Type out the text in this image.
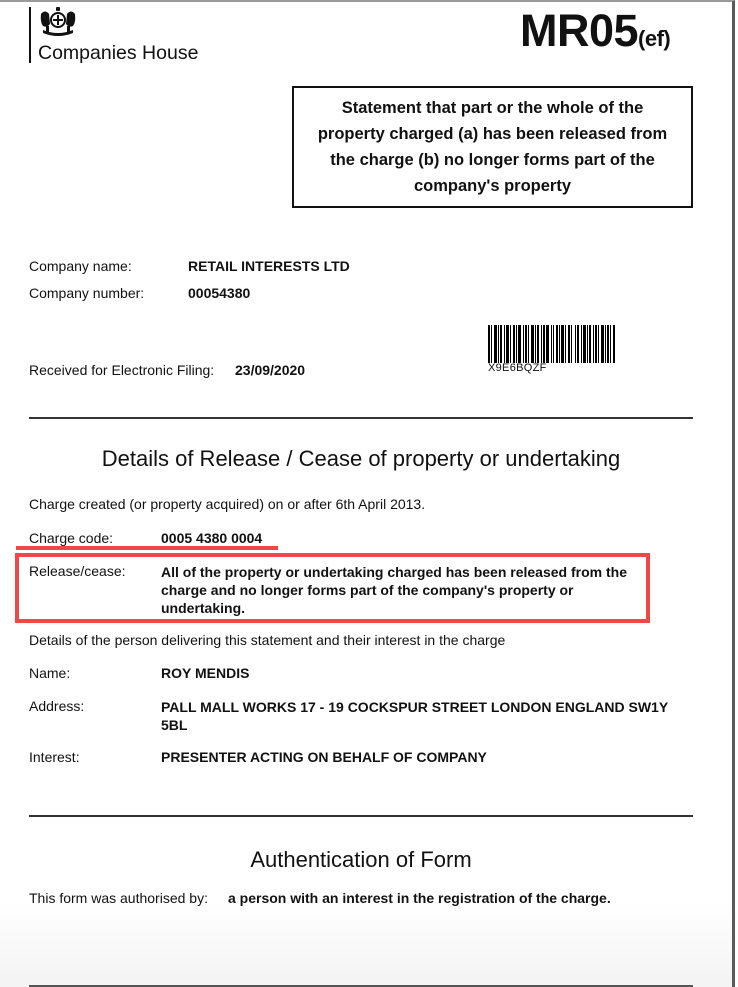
Companies House	MR05(ef)
Statement that part or the whole of the property charged (a) has been released from the charge (b) no longer forms part of the company's property
Company name:	RETAIL INTERESTS LTD
Company number:	00054380
Received for Electronic Filing: 23/09/2020	X9E6BQZF
Details of Release / Cease of property or undertaking
Charge created (or property acquired) on or after 6th April 2013.
Charge code:	0005 4380 0004
Release/cease:	All of the property or undertaking charged has been released from the charge and no longer forms part of the company's property or undertaking.
Details of the person delivering this statement and their interest in the charge
Name:	ROY MENDIS
Address:	PALL MALL WORKS 17 - 19 COCKSPUR STREET LONDON ENGLAND SW1Y 5BL
Interest:	PRESENTER ACTING ON BEHALF OF COMPANY
Authentication of Form
This form was authorised by: a person with an interest in the registration of the charge.
